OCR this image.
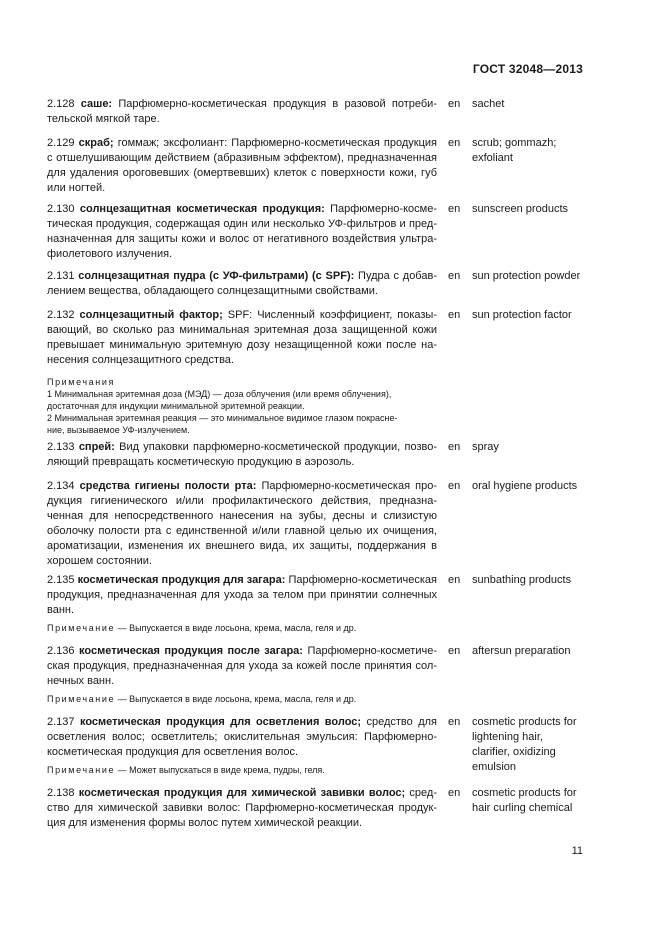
ГОСТ 32048—2013
2.128 саше: Парфюмерно-косметическая продукция в разовой потреби-
тельской мягкой таре.
en sachet
2.129 скраб; гоммаж; эксфолиант: Парфюмерно-косметическая продукция
с отшелушивающим действием (абразивным эффектом), предназначенная
для удаления ороговевших (омертвевших) клеток с поверхности кожи, губ
или ногтей.
en scrub; gommazh;
exfoliant
2.130 солнцезащитная косметическая продукция: Парфюмерно-косме-
тическая продукция, содержащая один или несколько УФ-фильтров и пред-
назначенная для защиты кожи и волос от негативного воздействия ультра-
фиолетового излучения.
en sunscreen products
2.131 солнцезащитная пудра (с УФ-фильтрами) (с SPF): Пудра с добав-
лением вещества, обладающего солнцезащитными свойствами.
en sun protection powder
2.132 солнцезащитный фактор; SPF: Численный коэффициент, показы-
вающий, во сколько раз минимальная эритемная доза защищенной кожи
превышает минимальную эритемную дозу незащищенной кожи после на-
несения солнцезащитного средства.
en sun protection factor
Примечания
1 Минимальная эритемная доза (МЭД) — доза облучения (или время облучения),
достаточная для индукции минимальной эритемной реакции.
2 Минимальная эритемная реакция — это минимальное видимое глазом покрасне-
ние, вызываемое УФ-излучением.
2.133 спрей: Вид упаковки парфюмерно-косметической продукции, позво-
ляющий превращать косметическую продукцию в аэрозоль.
en spray
2.134 средства гигиены полости рта: Парфюмерно-косметическая про-
дукция гигиенического и/или профилактического действия, предназна-
ченная для непосредственного нанесения на зубы, десны и слизистую
оболочку полости рта с единственной и/или главной целью их очищения,
ароматизации, изменения их внешнего вида, их защиты, поддержания в
хорошем состоянии.
en oral hygiene products
2.135 косметическая продукция для загара: Парфюмерно-косметическая
продукция, предназначенная для ухода за телом при принятии солнечных
ванн.
en sunbathing products
Примечание — Выпускается в виде лосьона, крема, масла, геля и др.
2.136 косметическая продукция после загара: Парфюмерно-косметиче-
ская продукция, предназначенная для ухода за кожей после принятия сол-
нечных ванн.
en aftersun preparation
Примечание — Выпускается в виде лосьона, крема, масла, геля и др.
2.137 косметическая продукция для осветления волос; средство для
осветления волос; осветлитель; окислительная эмульсия: Парфюмерно-
косметическая продукция для осветления волос.
en cosmetic products for
lightening hair,
clarifier, oxidizing
emulsion
Примечание — Может выпускаться в виде крема, пудры, геля.
2.138 косметическая продукция для химической завивки волос; сред-
ство для химической завивки волос: Парфюмерно-косметическая продук-
ция для изменения формы волос путем химической реакции.
en cosmetic products for
hair curling chemical
11
